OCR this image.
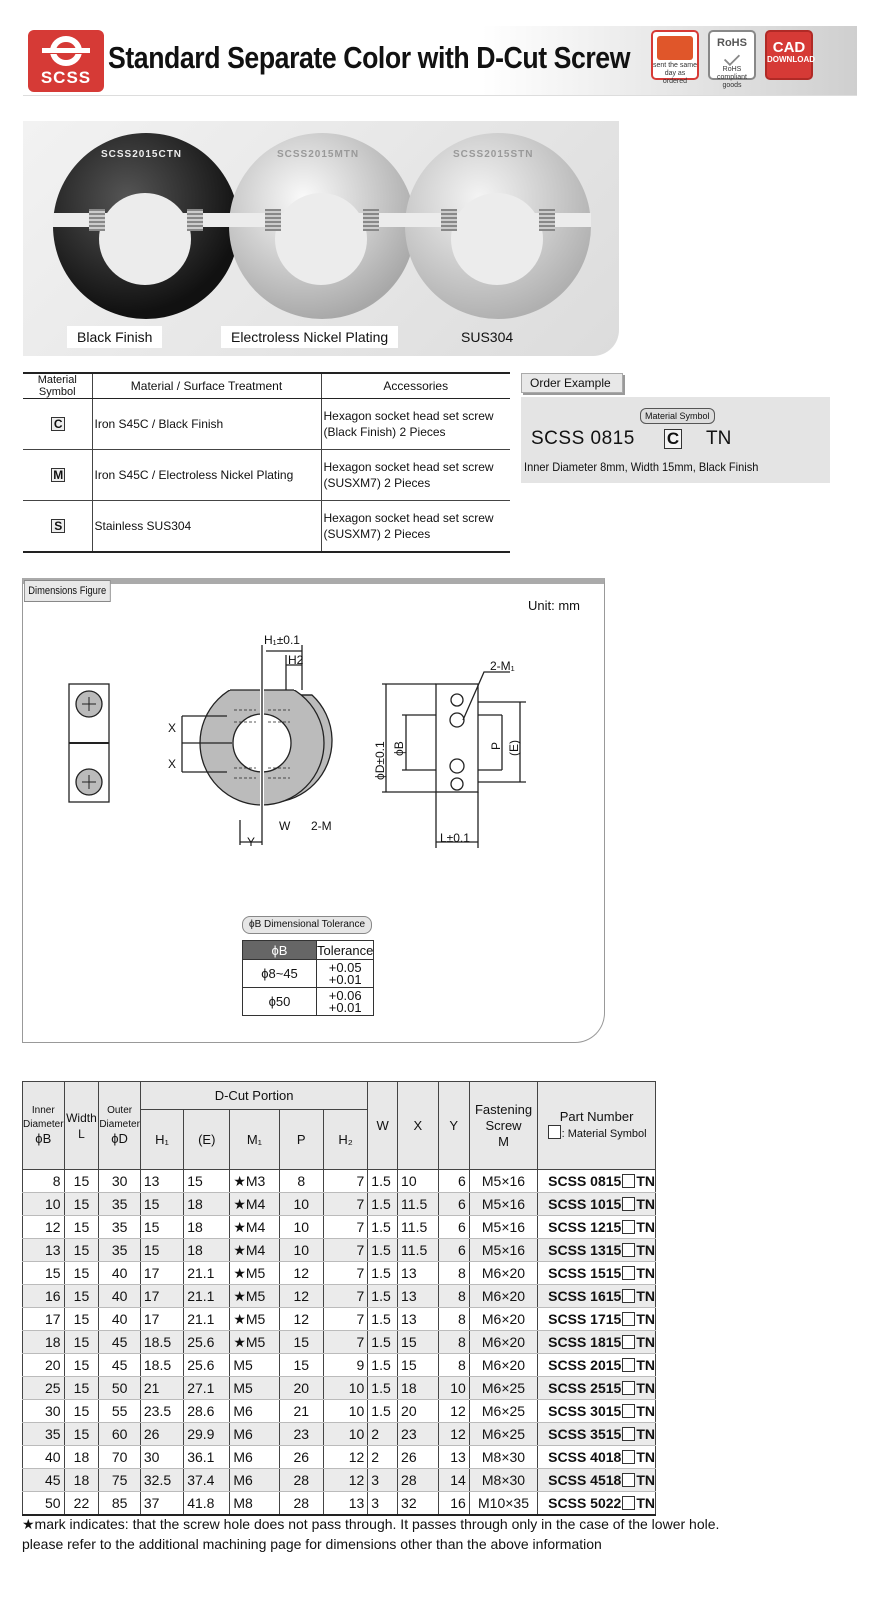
SCSS
Standard Separate Color with D-Cut Screw	sent the same day as ordered
RoHS
RoHS compliant goods
CAD
DOWNLOAD
SCSS2015CTN	SCSS2015MTN	SCSS2015STN
Black Finish	Electroless Nickel Plating	SUS304
Material Symbol	Material / Surface Treatment	Accessories
C	Iron S45C / Black Finish	Hexagon socket head set screw
(Black Finish) 2 Pieces

M	Iron S45C / Electroless Nickel Plating	Hexagon socket head set screw
(SUSXM7) 2 Pieces

S	Stainless SUS304	Hexagon socket head set screw
(SUSXM7) 2 Pieces
Order Example
Material Symbol
SCSS 0815 C TN
Inner Diameter 8mm, Width 15mm, Black Finish
Dimensions Figure
Unit: mm
H₁±0.1
H2
X
X
W 2-M
Y
2-M₁
L±0.1
ϕD±0.1 ϕB	P (E)
ϕB Dimensional Tolerance
ϕB	Tolerance
ϕ8~45	+0.05
+0.01

ϕ50	+0.06
+0.01
Inner Diameter
ϕB	Width
L	Outer Diameter
ϕD	D-Cut Portion					W	X	Y	Fastening Screw
M	Part Number
: Material Symbol
			H₁	(E)	M₁	P	H₂					
8	15	30	13	15	★M3	8	7	1.5	10	6	M5×16	SCSS 0815 TN
10	15	35	15	18	★M4	10	7	1.5	11.5	6	M5×16	SCSS 1015 TN
12	15	35	15	18	★M4	10	7	1.5	11.5	6	M5×16	SCSS 1215 TN
13	15	35	15	18	★M4	10	7	1.5	11.5	6	M5×16	SCSS 1315 TN
15	15	40	17	21.1	★M5	12	7	1.5	13	8	M6×20	SCSS 1515 TN
16	15	40	17	21.1	★M5	12	7	1.5	13	8	M6×20	SCSS 1615 TN
17	15	40	17	21.1	★M5	12	7	1.5	13	8	M6×20	SCSS 1715 TN
18	15	45	18.5	25.6	★M5	15	7	1.5	15	8	M6×20	SCSS 1815 TN
20	15	45	18.5	25.6	M5	15	9	1.5	15	8	M6×20	SCSS 2015 TN
25	15	50	21	27.1	M5	20	10	1.5	18	10	M6×25	SCSS 2515 TN
30	15	55	23.5	28.6	M6	21	10	1.5	20	12	M6×25	SCSS 3015 TN
35	15	60	26	29.9	M6	23	10	2	23	12	M6×25	SCSS 3515 TN
40	18	70	30	36.1	M6	26	12	2	26	13	M8×30	SCSS 4018 TN
45	18	75	32.5	37.4	M6	28	12	3	28	14	M8×30	SCSS 4518 TN
50	22	85	37	41.8	M8	28	13	3	32	16	M10×35	SCSS 5022 TN
★mark indicates: that the screw hole does not pass through. It passes through only in the case of the lower hole.
please refer to the additional machining page for dimensions other than the above information
